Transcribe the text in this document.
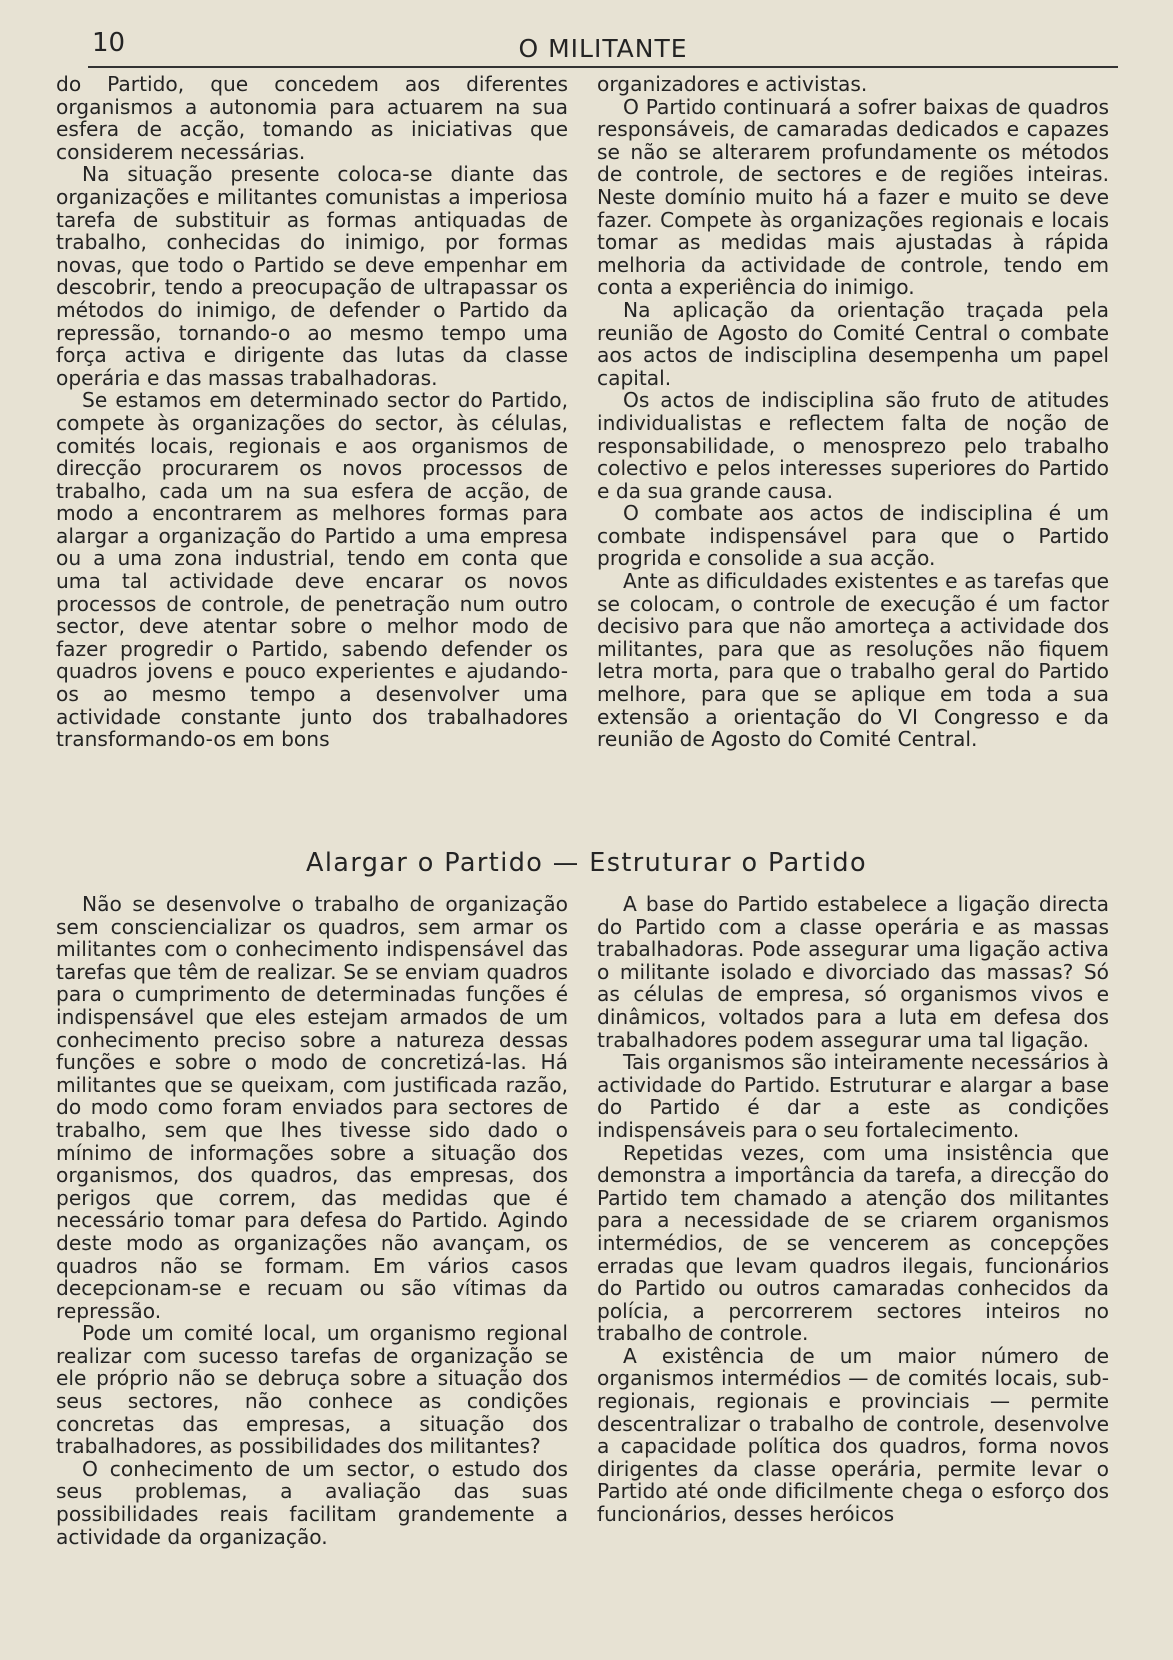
10	O MILITANTE

do Partido, que concedem aos diferentes organismos a autonomia para actuarem na sua esfera de acção, tomando as iniciativas que considerem necessárias.

Na situação presente coloca-se diante das organizações e militantes comunistas a imperiosa tarefa de substituir as formas antiquadas de trabalho, conhecidas do inimigo, por formas novas, que todo o Partido se deve empenhar em descobrir, tendo a preocupação de ultrapassar os métodos do inimigo, de defender o Partido da repressão, tornando-o ao mesmo tempo uma força activa e dirigente das lutas da classe operária e das massas trabalhadoras.

Se estamos em determinado sector do Partido, compete às organizações do sector, às células, comités locais, regionais e aos organismos de direcção procurarem os novos processos de trabalho, cada um na sua esfera de acção, de modo a encontrarem as melhores formas para alargar a organização do Partido a uma empresa ou a uma zona industrial, tendo em conta que uma tal actividade deve encarar os novos processos de controle, de penetração num outro sector, deve atentar sobre o melhor modo de fazer progredir o Partido, sabendo defender os quadros jovens e pouco experientes e ajudando-os ao mesmo tempo a desenvolver uma actividade constante junto dos trabalhadores transformando-os em bons

organizadores e activistas.

O Partido continuará a sofrer baixas de quadros responsáveis, de camaradas dedicados e capazes se não se alterarem profundamente os métodos de controle, de sectores e de regiões inteiras. Neste domínio muito há a fazer e muito se deve fazer. Compete às organizações regionais e locais tomar as medidas mais ajustadas à rápida melhoria da actividade de controle, tendo em conta a experiência do inimigo.

Na aplicação da orientação traçada pela reunião de Agosto do Comité Central o combate aos actos de indisciplina desempenha um papel capital.

Os actos de indisciplina são fruto de atitudes individualistas e reflectem falta de noção de responsabilidade, o menosprezo pelo trabalho colectivo e pelos interesses superiores do Partido e da sua grande causa.

O combate aos actos de indisciplina é um combate indispensável para que o Partido progrida e consolide a sua acção.

Ante as dificuldades existentes e as tarefas que se colocam, o controle de execução é um factor decisivo para que não amorteça a actividade dos militantes, para que as resoluções não fiquem letra morta, para que o trabalho geral do Partido melhore, para que se aplique em toda a sua extensão a orientação do VI Congresso e da reunião de Agosto do Comité Central.

Alargar o Partido — Estruturar o Partido

Não se desenvolve o trabalho de organização sem consciencializar os quadros, sem armar os militantes com o conhecimento indispensável das tarefas que têm de realizar. Se se enviam quadros para o cumprimento de determinadas funções é indispensável que eles estejam armados de um conhecimento preciso sobre a natureza dessas funções e sobre o modo de concretizá-las. Há militantes que se queixam, com justificada razão, do modo como foram enviados para sectores de trabalho, sem que lhes tivesse sido dado o mínimo de informações sobre a situação dos organismos, dos quadros, das empresas, dos perigos que correm, das medidas que é necessário tomar para defesa do Partido. Agindo deste modo as organizações não avançam, os quadros não se formam. Em vários casos decepcionam-se e recuam ou são vítimas da repressão.

Pode um comité local, um organismo regional realizar com sucesso tarefas de organização se ele próprio não se debruça sobre a situação dos seus sectores, não conhece as condições concretas das empresas, a situação dos trabalhadores, as possibilidades dos militantes?

O conhecimento de um sector, o estudo dos seus problemas, a avaliação das suas possibilidades reais facilitam grandemente a actividade da organização.

A base do Partido estabelece a ligação directa do Partido com a classe operária e as massas trabalhadoras. Pode assegurar uma ligação activa o militante isolado e divorciado das massas? Só as células de empresa, só organismos vivos e dinâmicos, voltados para a luta em defesa dos trabalhadores podem assegurar uma tal ligação.

Tais organismos são inteiramente necessários à actividade do Partido. Estruturar e alargar a base do Partido é dar a este as condições indispensáveis para o seu fortalecimento.

Repetidas vezes, com uma insistência que demonstra a importância da tarefa, a direcção do Partido tem chamado a atenção dos militantes para a necessidade de se criarem organismos intermédios, de se vencerem as concepções erradas que levam quadros ilegais, funcionários do Partido ou outros camaradas conhecidos da polícia, a percorrerem sectores inteiros no trabalho de controle.

A existência de um maior número de organismos intermédios — de comités locais, sub-regionais, regionais e provinciais — permite descentralizar o trabalho de controle, desenvolve a capacidade política dos quadros, forma novos dirigentes da classe operária, permite levar o Partido até onde dificilmente chega o esforço dos funcionários, desses heróicos
